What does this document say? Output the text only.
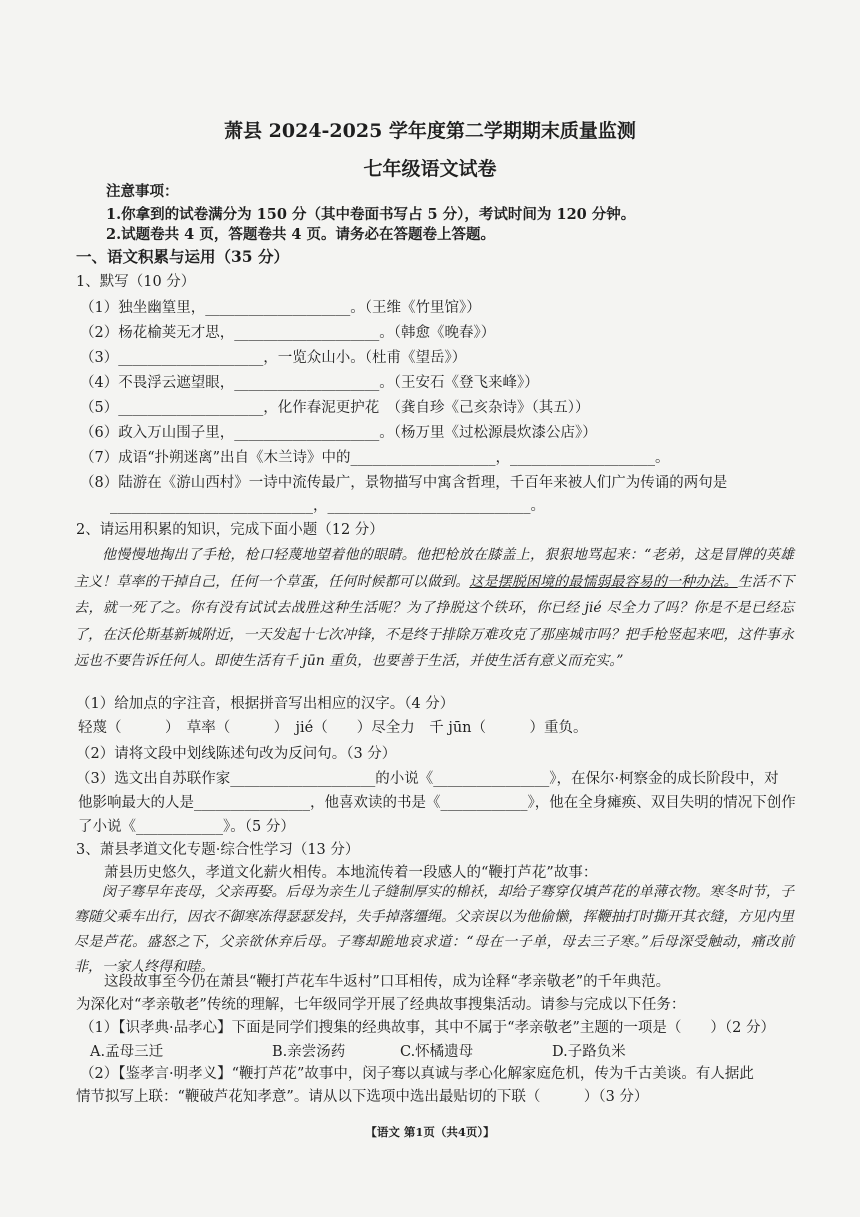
萧县 2024-2025 学年度第二学期期末质量监测
七年级语文试卷
注意事项：
1.你拿到的试卷满分为 150 分（其中卷面书写占 5 分），考试时间为 120 分钟。
2.试题卷共 4 页，答题卷共 4 页。请务必在答题卷上答题。
一、语文积累与运用（35 分）
1、默写（10 分）
（1）独坐幽篁里，____________________。（王维《竹里馆》）
（2）杨花榆荚无才思，____________________。（韩愈《晚春》）
（3）____________________，一览众山小。（杜甫《望岳》）
（4）不畏浮云遮望眼，____________________。（王安石《登飞来峰》）
（5）____________________，化作春泥更护花　（龚自珍《己亥杂诗》（其五））
（6）政入万山围子里，____________________。（杨万里《过松源晨炊漆公店》）
（7）成语“扑朔迷离”出自《木兰诗》中的____________________，____________________。
（8）陆游在《游山西村》一诗中流传最广，景物描写中寓含哲理，千百年来被人们广为传诵的两句是
____________________________，____________________________。
2、请运用积累的知识，完成下面小题（12 分）
他慢慢地掏出了手枪，枪口轻蔑地望着他的眼睛。他把枪放在膝盖上，狠狠地骂起来：“老弟，这是冒牌的英雄主义！草率的干掉自己，任何一个草蛋，任何时候都可以做到。这是摆脱困境的最懦弱最容易的一种办法。生活不下去，就一死了之。你有没有试试去战胜这种生活呢？为了挣脱这个铁环，你已经 jié 尽全力了吗？你是不是已经忘了，在沃伦斯基新城附近，一天发起十七次冲锋，不是终于排除万难攻克了那座城市吗？把手枪竖起来吧，这件事永远也不要告诉任何人。即使生活有千 jūn 重负，也要善于生活，并使生活有意义而充实。”
（1）给加点的字注音，根据拼音写出相应的汉字。（4 分）
轻蔑（　　　）　草率（　　　）　jié（　　）尽全力　千 jūn（　　　）重负。
（2）请将文段中划线陈述句改为反问句。（3 分）
（3）选文出自苏联作家____________________的小说《________________》，在保尔·柯察金的成长阶段中，对
他影响最大的人是________________，他喜欢读的书是《____________》，他在全身瘫痪、双目失明的情况下创作
了小说《____________》。（5 分）
3、萧县孝道文化专题·综合性学习（13 分）
萧县历史悠久，孝道文化薪火相传。本地流传着一段感人的“鞭打芦花”故事：
闵子骞早年丧母，父亲再娶。后母为亲生儿子缝制厚实的棉袄，却给子骞穿仅填芦花的单薄衣物。寒冬时节，子骞随父乘车出行，因衣不御寒冻得瑟瑟发抖，失手掉落缰绳。父亲误以为他偷懒，挥鞭抽打时撕开其衣缝，方见内里尽是芦花。盛怒之下，父亲欲休弃后母。子骞却跪地哀求道：“母在一子单，母去三子寒。”后母深受触动，痛改前非，一家人终得和睦。
这段故事至今仍在萧县“鞭打芦花车牛返村”口耳相传，成为诠释“孝亲敬老”的千年典范。
为深化对“孝亲敬老”传统的理解，七年级同学开展了经典故事搜集活动。请参与完成以下任务：
（1）【识孝典·品孝心】下面是同学们搜集的经典故事，其中不属于“孝亲敬老”主题的一项是（　　）（2 分）
A.孟母三迁	B.亲尝汤药	C.怀橘遗母	D.子路负米
（2）【鉴孝言·明孝义】“鞭打芦花”故事中，闵子骞以真诚与孝心化解家庭危机，传为千古美谈。有人据此
情节拟写上联：“鞭破芦花知孝意”。请从以下选项中选出最贴切的下联（　　　）（3 分）
【语文 第1页（共4页）】
